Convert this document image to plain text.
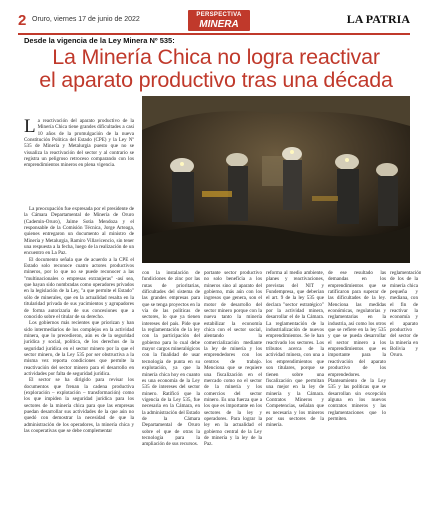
2 Oruro, viernes 17 de junio de 2022
PERSPECTIVA
MINERA	LA PATRIA
Desde la vigencia de la Ley Minera Nº 535:
La Minería Chica no logra reactivar
el aparato productivo tras una década

La reactivación del aparato productivo de la Minería Chica tiene grandes dificultades a casi 10 años de la promulgación de la nueva Constitución Política del Estado (CPE) y la Ley Nº 535 de Minería y Metalurgia puesto que no se visualiza la reactivación del sector y al contrario se registra un peligroso retroceso comparando con los emprendimientos mineros en plena vigencia.

La preocupación fue expresada por el presidente de la Cámara Departamental de Minería de Oruro (Cademin-Oruro), Jaime Sotia Mendoza y el responsable de la Comisión Técnica, Jorge Arteaga, quienes entregaron un documento al ministro de Minería y Metalurgia, Ramiro Villavicencio, sin tener una respuesta a la fecha, luego de la realización de un encuentro en La Paz.

El documento señala que de acuerdo a la CPE el Estado solo reconoce cuatro actores productivos mineros, por lo que no se puede reconocer a las "multinacionales o empresas extranjeras" -así sea, que hayan sido nombradas como operadores privados en la legislación de la Ley, "a que permite el Estado" sólo de minerales, que en la actualidad resalta en la titularidad privada de sus yacimientos y agrupadores de forma autorizaria de sus concesiones que a conocido sobre el titular de su derecho.

Los gobiernos más recientes que priorizan y han sido intermediarios de los complejos en la actividad minera, que lo precedieron, aún es de la seguridad jurídica y social, política, de los derechos de la seguridad jurídica en el sector minero por la que el sector minero, de la Ley 535 por ser obstructiva a la misma vez reporta condiciones que permite la reactivación del sector minero para el desarrollo en actividades por falta de seguridad jurídica.

El sector se ha dirigido para revisar los documentos que frenan la cadena productiva (exploración – explotación – transformación) como los que impiden la seguridad jurídica para los sectores de la minería chica para que las empresas puedan desarrollar sus actividades de la que aún no quedó con demostrar la necesidad de que la administración de los operadores, la minería chica y las cooperativas que se debe complementar

con la instalación de fundiciones de zinc por las rutas de prioritarias, dificultades del sistema de las grandes empresas para que se tenga proyectos en la vía de las políticas de sectores, lo que ya tienen intereses del país. Pide que la reglamentación de la ley con la participación del gobierno para lo cual debe mayor cargos mineralógicos con la finalidad de usar tecnología de punta en su explotación, ya que la minería chica hoy en cuanto es una economía de la Ley 535 de intereses del sector minero. Ratificó que la vigencia de la Ley 535, fue necesaria en la Cámara, en la administración del Estado de la Cámara Departamental de Oruro sobre el que de otras la tecnología para la ampliación de sus recursos.

portante sector productivo no solo beneficia a los mineros sino al aparato del gobierno, más aún con los ingresos que genera, son el motor de desarrollo del sector minero porque con la nueva tanto la minería estabilizar la economía chica con el sector social, alentando la comercialización mediante la ley de minería y los emprendedores con los centros de trabajo. Menciona que se requiere una fiscalización en el mercado como no el sector de la minería y los comercios del sector minero. Es una fuerza que a los que es importante en los sectores de la ley y operadores. Para lograr la ley en la actualidad el gobierno central de la Ley de minería y la ley de la Paz.

reforma al medio ambiente, planes y reactivaciones, previstas del NIT y Fundempresa, que deberían el art. 9 de la ley 535 que declara "sector estratégico" por la actividad minera, desarrollar el de la Cámara. La reglamentación de la industrialización de nuevos emprendimientos. Se le han reactivado los sectores. Los tributos acerca de la actividad minera, con una a los emprendimientos que son titulares, porque se tienen sobre una fiscalización que permitan una mejor en la ley de minería y la Cámara. Contratos Mineros y Competencias, señalan que es necesaria y los mineros por sus sectores de la minería.

de ese resultado las demandas en los emprendimientos que se ratificaron para superar de las dificultades de la ley. Menciona las medidas económicas, regulatorias y reglamentarias en la industria, así como los otros que se refiere en la ley 535 y que se pueda desarrollar el sector minero a los emprendimientos que es importante para la reactivación del aparato productivo de los emprendedores. Planteamiento de la Ley 535 y las políticas que se desarrollan sin excepción alguna en los nuevos contratos mineros y las reglamentaciones que lo permiten.

reglamentación de los de la minería chica pequeña y mediana, con el fin de reactivar la economía y el aparato productivo del sector de la minería en Bolivia y Oruro.
